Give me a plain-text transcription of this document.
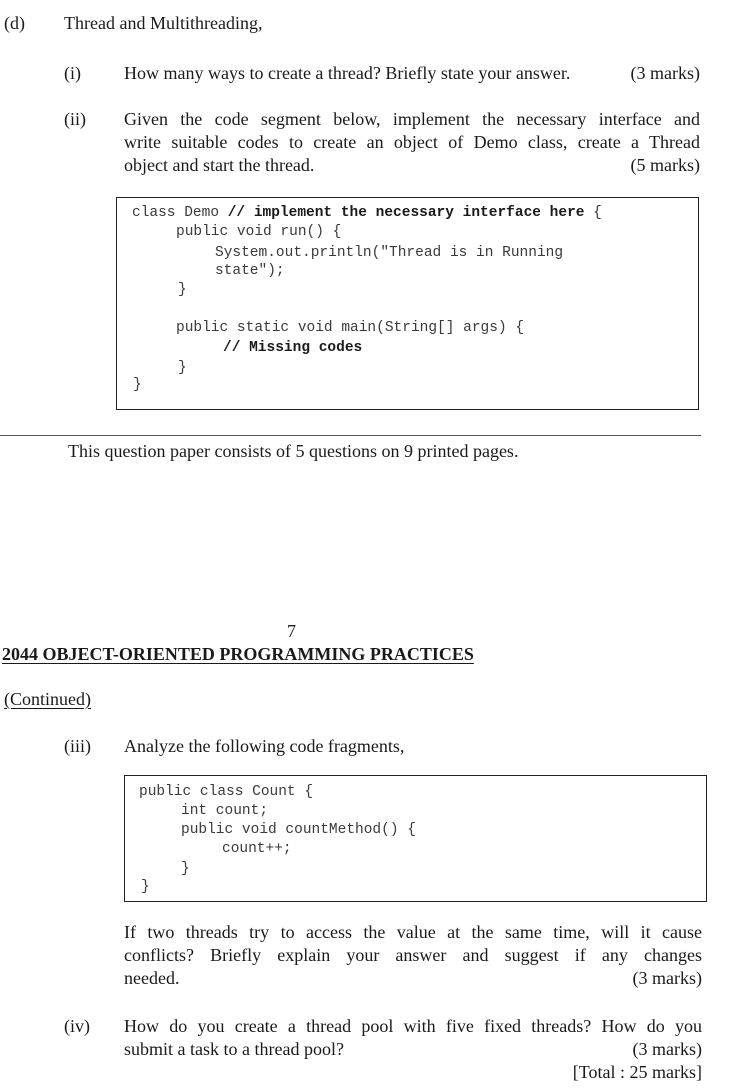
(d) Thread and Multithreading,
(i) How many ways to create a thread? Briefly state your answer.	(3 marks)
(ii) Given the code segment below, implement the necessary interface and
write suitable codes to create an object of Demo class, create a Thread
object and start the thread.	(5 marks)
class Demo // implement the necessary interface here {
public void run() {
System.out.println("Thread is in Running
state");
}
public static void main(String[] args) {
// Missing codes
}
}
This question paper consists of 5 questions on 9 printed pages.
7
2044 OBJECT-ORIENTED PROGRAMMING PRACTICES
(Continued)
(iii) Analyze the following code fragments,
public class Count {
int count;
public void countMethod() {
count++;
}
}
If two threads try to access the value at the same time, will it cause
conflicts? Briefly explain your answer and suggest if any changes
needed.	(3 marks)
(iv) How do you create a thread pool with five fixed threads? How do you
submit a task to a thread pool?	(3 marks)
[Total : 25 marks]
